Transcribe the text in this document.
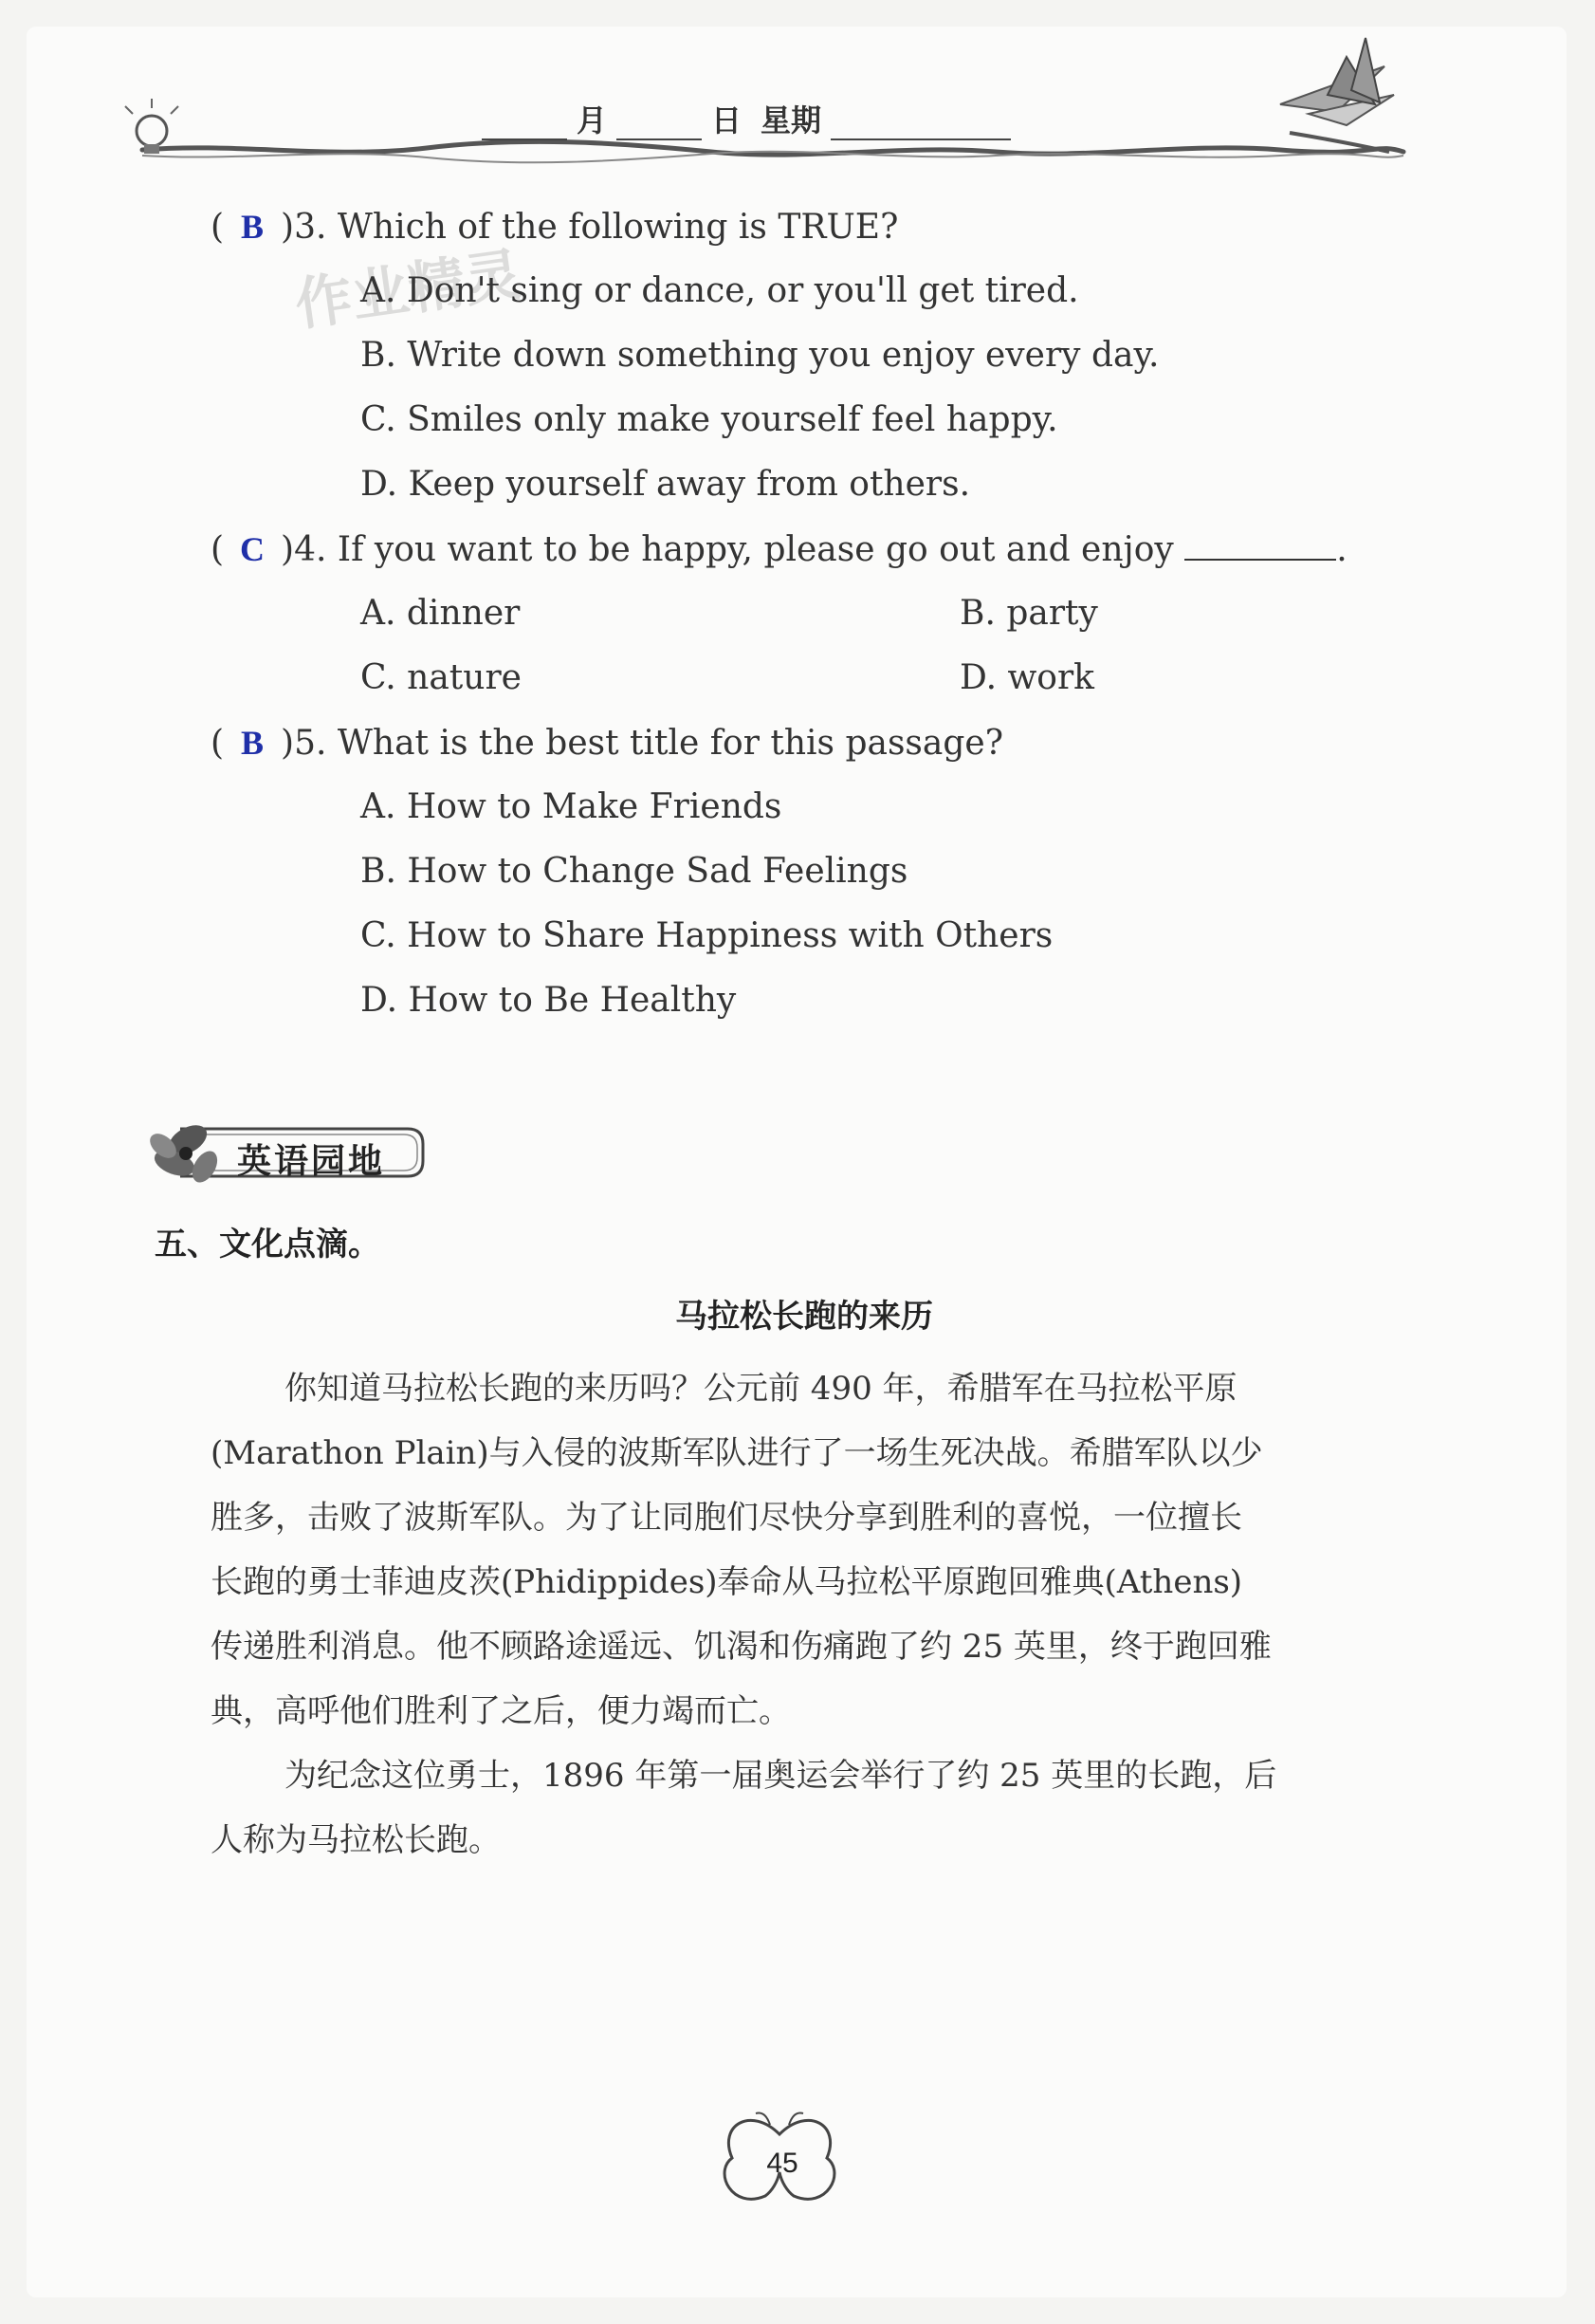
月	日 星期
作业精灵
( B )3. Which of the following is TRUE?
A. Don't sing or dance, or you'll get tired.
B. Write down something you enjoy every day.
C. Smiles only make yourself feel happy.
D. Keep yourself away from others.
( C )4. If you want to be happy, please go out and enjoy	.
A. dinner	B. party
C. nature	D. work
( B )5. What is the best title for this passage?
A. How to Make Friends
B. How to Change Sad Feelings
C. How to Share Happiness with Others
D. How to Be Healthy
英语园地
五、文化点滴。
马拉松长跑的来历
你知道马拉松长跑的来历吗？公元前 490 年，希腊军在马拉松平原
(Marathon Plain)与入侵的波斯军队进行了一场生死决战。希腊军队以少
胜多，击败了波斯军队。为了让同胞们尽快分享到胜利的喜悦，一位擅长
长跑的勇士菲迪皮茨(Phidippides)奉命从马拉松平原跑回雅典(Athens)
传递胜利消息。他不顾路途遥远、饥渴和伤痛跑了约 25 英里，终于跑回雅
典，高呼他们胜利了之后，便力竭而亡。
为纪念这位勇士，1896 年第一届奥运会举行了约 25 英里的长跑，后
人称为马拉松长跑。
45
